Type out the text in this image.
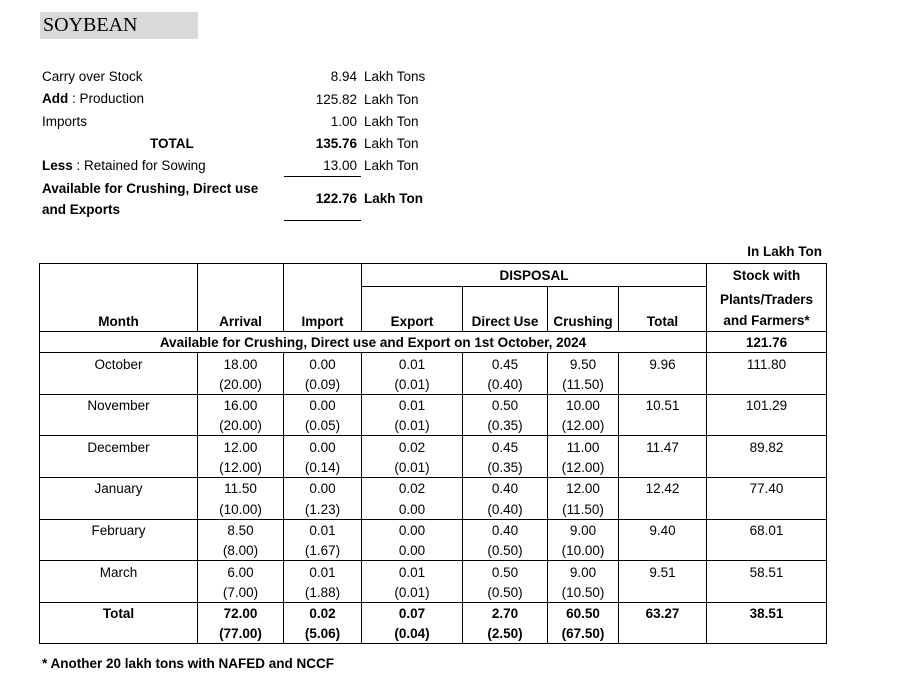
SOYBEAN
Carry over Stock	8.94 Lakh Tons
Add : Production	125.82 Lakh Ton
Imports	1.00 Lakh Ton
TOTAL	135.76 Lakh Ton
Less : Retained for Sowing	13.00 Lakh Ton
Available for Crushing, Direct use
and Exports
122.76 Lakh Ton
In Lakh Ton
			DISPOSAL				Stock with
Month	Arrival	Import	Export	Direct Use	Crushing	Total	Plants/Traders
and Farmers*
Available for Crushing, Direct use and Export on 1st October, 2024							121.76
October	18.00	0.00	0.01	0.45	9.50	9.96	111.80
	(20.00)	(0.09)	(0.01)	(0.40)	(11.50)		
November	16.00	0.00	0.01	0.50	10.00	10.51	101.29
	(20.00)	(0.05)	(0.01)	(0.35)	(12.00)		
December	12.00	0.00	0.02	0.45	11.00	11.47	89.82
	(12.00)	(0.14)	(0.01)	(0.35)	(12.00)		
January	11.50	0.00	0.02	0.40	12.00	12.42	77.40
	(10.00)	(1.23)	0.00	(0.40)	(11.50)		
February	8.50	0.01	0.00	0.40	9.00	9.40	68.01
	(8.00)	(1.67)	0.00	(0.50)	(10.00)		
March	6.00	0.01	0.01	0.50	9.00	9.51	58.51
	(7.00)	(1.88)	(0.01)	(0.50)	(10.50)		
Total	72.00	0.02	0.07	2.70	60.50	63.27	38.51
	(77.00)	(5.06)	(0.04)	(2.50)	(67.50)		
* Another 20 lakh tons with NAFED and NCCF
